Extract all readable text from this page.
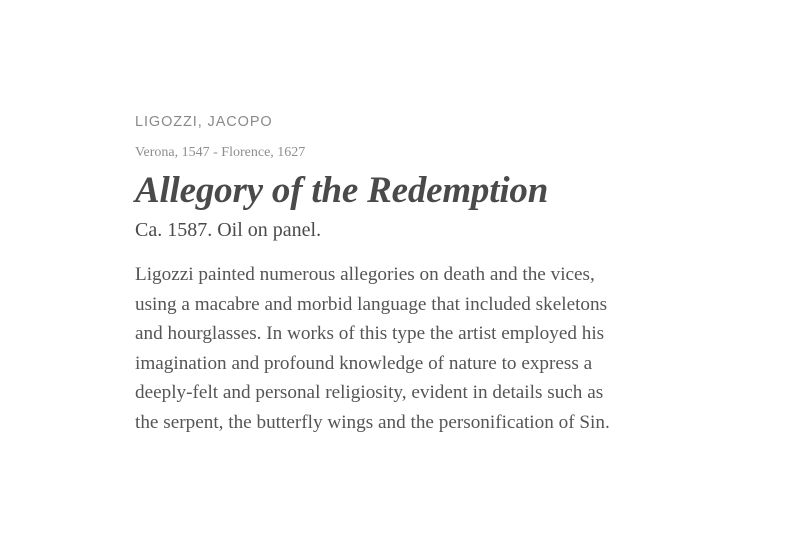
LIGOZZI, JACOPO

Verona, 1547 - Florence, 1627

Allegory of the Redemption

Ca. 1587. Oil on panel.

Ligozzi painted numerous allegories on death and the vices,
using a macabre and morbid language that included skeletons
and hourglasses. In works of this type the artist employed his
imagination and profound knowledge of nature to express a
deeply-felt and personal religiosity, evident in details such as
the serpent, the butterfly wings and the personification of Sin.
